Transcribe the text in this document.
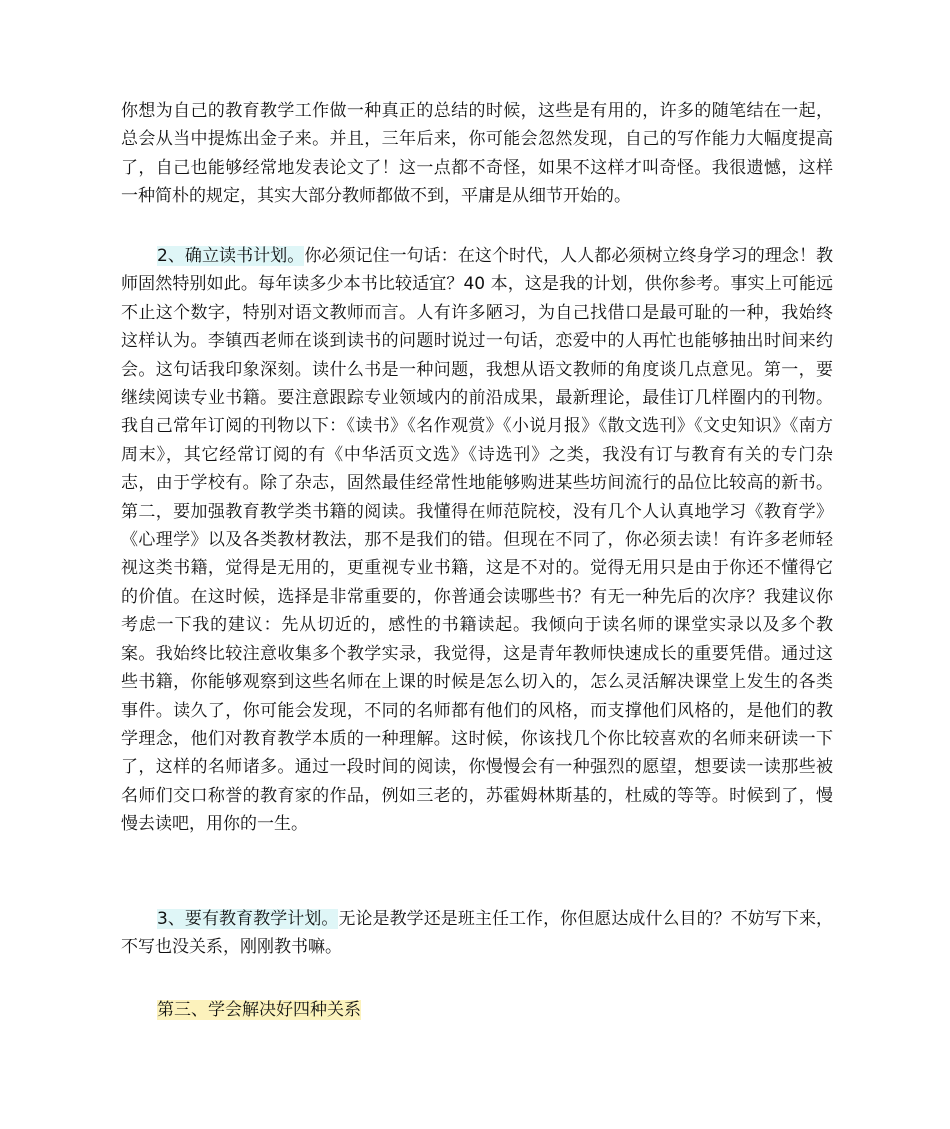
你想为自己的教育教学工作做一种真正的总结的时候，这些是有用的，许多的随笔结在一起，总会从当中提炼出金子来。并且，三年后来，你可能会忽然发现，自己的写作能力大幅度提高了，自己也能够经常地发表论文了！这一点都不奇怪，如果不这样才叫奇怪。我很遗憾，这样一种简朴的规定，其实大部分教师都做不到，平庸是从细节开始的。

2、确立读书计划。你必须记住一句话：在这个时代，人人都必须树立终身学习的理念！教师固然特别如此。每年读多少本书比较适宜？40 本，这是我的计划，供你参考。事实上可能远不止这个数字，特别对语文教师而言。人有许多陋习，为自己找借口是最可耻的一种，我始终这样认为。李镇西老师在谈到读书的问题时说过一句话，恋爱中的人再忙也能够抽出时间来约会。这句话我印象深刻。读什么书是一种问题，我想从语文教师的角度谈几点意见。第一，要继续阅读专业书籍。要注意跟踪专业领域内的前沿成果，最新理论，最佳订几样圈内的刊物。我自己常年订阅的刊物以下：《读书》《名作观赏》《小说月报》《散文选刊》《文史知识》《南方周末》，其它经常订阅的有《中华活页文选》《诗选刊》之类，我没有订与教育有关的专门杂志，由于学校有。除了杂志，固然最佳经常性地能够购进某些坊间流行的品位比较高的新书。第二，要加强教育教学类书籍的阅读。我懂得在师范院校，没有几个人认真地学习《教育学》《心理学》以及各类教材教法，那不是我们的错。但现在不同了，你必须去读！有许多老师轻视这类书籍，觉得是无用的，更重视专业书籍，这是不对的。觉得无用只是由于你还不懂得它的价值。在这时候，选择是非常重要的，你普通会读哪些书？有无一种先后的次序？我建议你考虑一下我的建议：先从切近的，感性的书籍读起。我倾向于读名师的课堂实录以及多个教案。我始终比较注意收集多个教学实录，我觉得，这是青年教师快速成长的重要凭借。通过这些书籍，你能够观察到这些名师在上课的时候是怎么切入的，怎么灵活解决课堂上发生的各类事件。读久了，你可能会发现，不同的名师都有他们的风格，而支撑他们风格的，是他们的教学理念，他们对教育教学本质的一种理解。这时候，你该找几个你比较喜欢的名师来研读一下了，这样的名师诸多。通过一段时间的阅读，你慢慢会有一种强烈的愿望，想要读一读那些被名师们交口称誉的教育家的作品，例如三老的，苏霍姆林斯基的，杜威的等等。时候到了，慢慢去读吧，用你的一生。

3、要有教育教学计划。无论是教学还是班主任工作，你但愿达成什么目的？不妨写下来，不写也没关系，刚刚教书嘛。

第三、学会解决好四种关系
